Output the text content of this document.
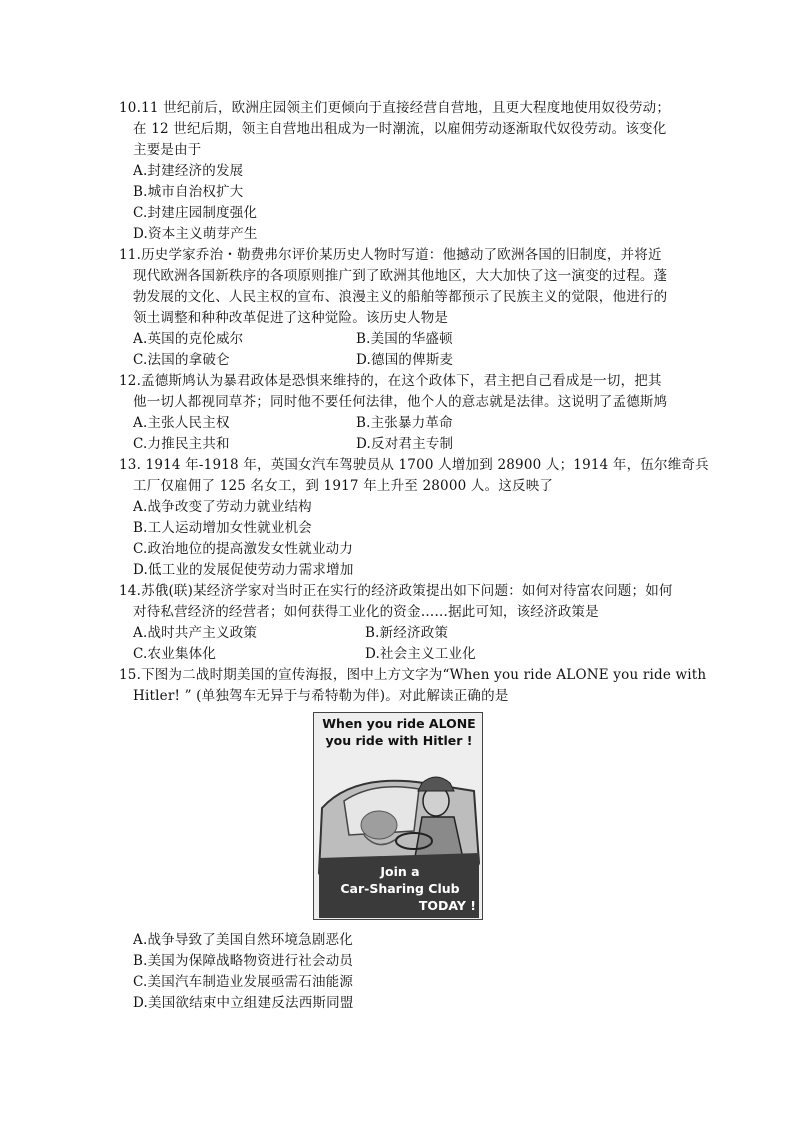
10.11 世纪前后，欧洲庄园领主们更倾向于直接经营自营地，且更大程度地使用奴役劳动；
在 12 世纪后期，领主自营地出租成为一时潮流，以雇佣劳动逐渐取代奴役劳动。该变化
主要是由于
A.封建经济的发展
B.城市自治权扩大
C.封建庄园制度强化
D.资本主义萌芽产生
11.历史学家乔治・勒费弗尔评价某历史人物时写道：他撼动了欧洲各国的旧制度，并将近
现代欧洲各国新秩序的各项原则推广到了欧洲其他地区，大大加快了这一演变的过程。蓬
勃发展的文化、人民主权的宣布、浪漫主义的船舶等都预示了民族主义的觉限，他进行的
领土调整和种种改革促进了这种觉险。该历史人物是
A.英国的克伦威尔	B.美国的华盛顿
C.法国的拿破仑	D.德国的俾斯麦
12.孟德斯鸠认为暴君政体是恐惧来维持的，在这个政体下，君主把自己看成是一切，把其
他一切人都视同草芥；同时他不要任何法律，他个人的意志就是法律。这说明了孟德斯鸠
A.主张人民主权	B.主张暴力革命
C.力推民主共和	D.反对君主专制
13. 1914 年-1918 年，英国女汽车驾驶员从 1700 人增加到 28900 人；1914 年，伍尔维奇兵
工厂仅雇佣了 125 名女工，到 1917 年上升至 28000 人。这反映了
A.战争改变了劳动力就业结构
B.工人运动增加女性就业机会
C.政治地位的提高激发女性就业动力
D.低工业的发展促使劳动力需求增加
14.苏俄(联)某经济学家对当时正在实行的经济政策提出如下问题：如何对待富农问题；如何
对待私营经济的经营者；如何获得工业化的资金……据此可知，该经济政策是
A.战时共产主义政策	B.新经济政策
C.农业集体化	D.社会主义工业化
15.下图为二战时期美国的宣传海报，图中上方文字为“When you ride ALONE you ride with
Hitler! ” (单独驾车无异于与希特勒为伴)。对此解读正确的是
When you ride ALONE
you ride with Hitler !
Join a
Car-Sharing Club
TODAY !
A.战争导致了美国自然环境急剧恶化
B.美国为保障战略物资进行社会动员
C.美国汽车制造业发展亟需石油能源
D.美国欲结束中立组建反法西斯同盟
